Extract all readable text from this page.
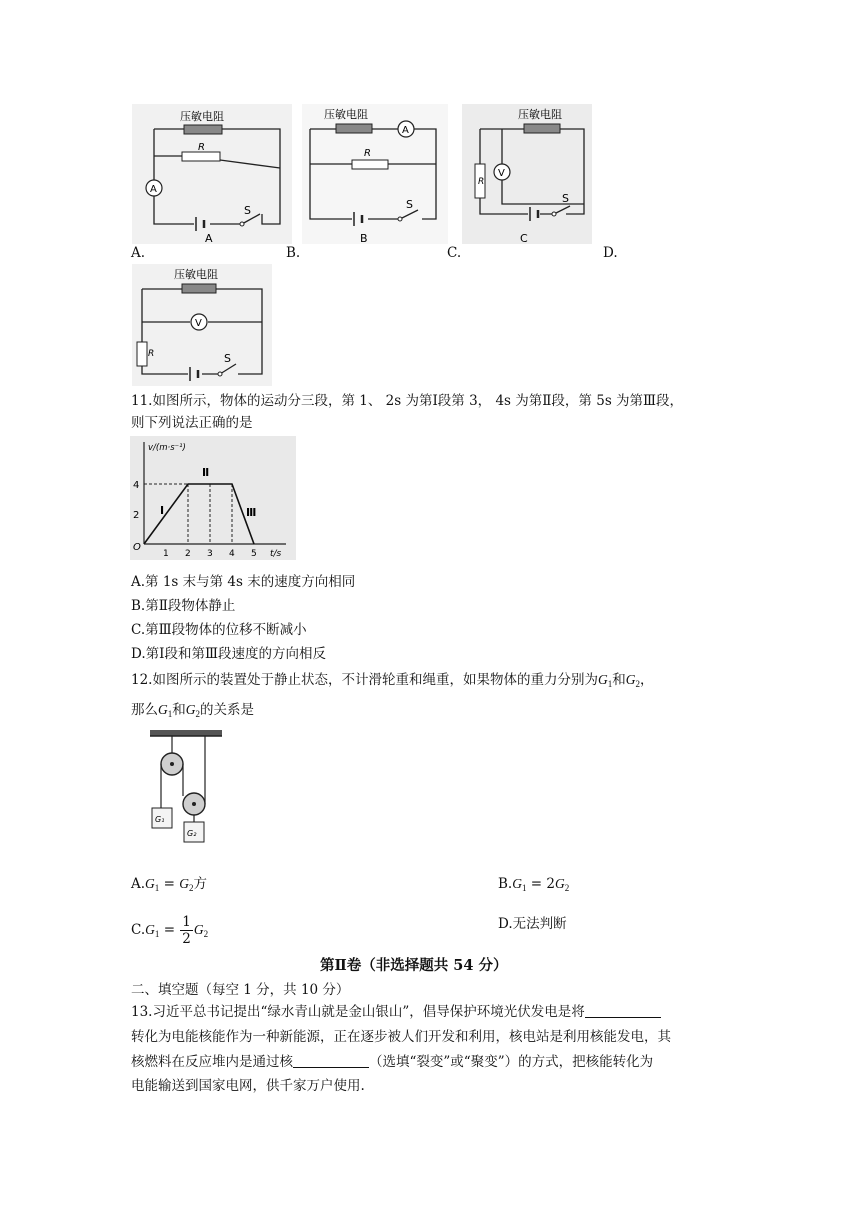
压敏电阻
R
A
S
A
压敏电阻
A
R
S
B
压敏电阻
R
V
S
C
A.	B.	C.	D.
压敏电阻
V
R	S
11.如图所示，物体的运动分三段，第 1、 2s 为第Ⅰ段第 3， 4s 为第Ⅱ段，第 5s 为第Ⅲ段，
则下列说法正确的是
v/(m·s⁻¹)
t/s
O
4
2
1 2 3 4 5
Ⅰ
Ⅱ
Ⅲ
A.第 1s 末与第 4s 末的速度方向相同
B.第Ⅱ段物体静止
C.第Ⅲ段物体的位移不断减小
D.第Ⅰ段和第Ⅲ段速度的方向相反
12.如图所示的装置处于静止状态，不计滑轮重和绳重，如果物体的重力分别为$G_1$和$G_2$，
那么$G_1$和$G_2$的关系是
G₁
G₂
$A.G_1 = G_2$方	$B.G_1 = 2G_2$
$C.G_1 = \frac{1}{2} G_2$
D.无法判断
第Ⅱ卷（非选择题共 54 分）
二、填空题（每空 1 分，共 10 分）
13.习近平总书记提出“绿水青山就是金山银山”，倡导保护环境光伏发电是将
转化为电能核能作为一种新能源，正在逐步被人们开发和利用，核电站是利用核能发电，其
核燃料在反应堆内是通过核	（选填“裂变”或“聚变”）的方式，把核能转化为
电能输送到国家电网，供千家万户使用.
